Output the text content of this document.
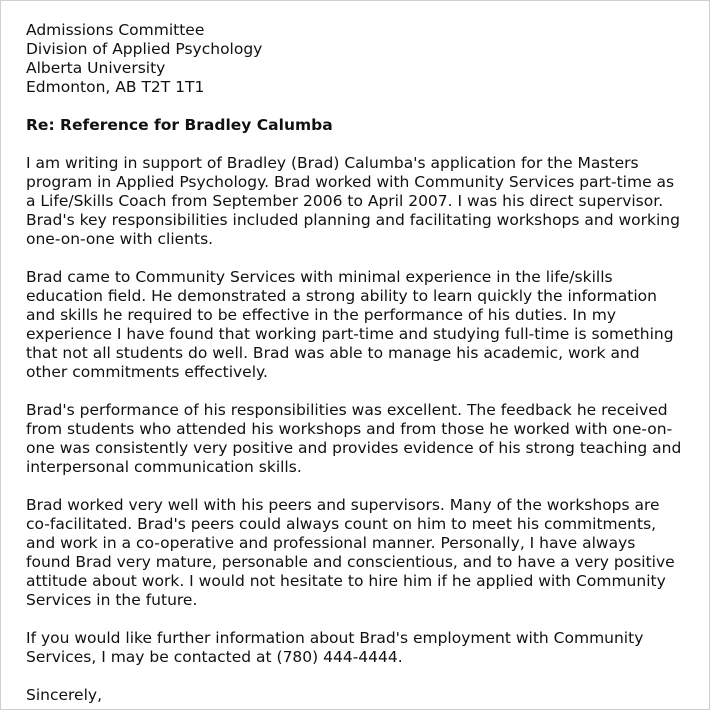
Admissions Committee
Division of Applied Psychology
Alberta University
Edmonton, AB T2T 1T1
Re: Reference for Bradley Calumba
I am writing in support of Bradley (Brad) Calumba's application for the Masters
program in Applied Psychology. Brad worked with Community Services part-time as
a Life/Skills Coach from September 2006 to April 2007. I was his direct supervisor.
Brad's key responsibilities included planning and facilitating workshops and working
one-on-one with clients.
Brad came to Community Services with minimal experience in the life/skills
education field. He demonstrated a strong ability to learn quickly the information
and skills he required to be effective in the performance of his duties. In my
experience I have found that working part-time and studying full-time is something
that not all students do well. Brad was able to manage his academic, work and
other commitments effectively.
Brad's performance of his responsibilities was excellent. The feedback he received
from students who attended his workshops and from those he worked with one-on-
one was consistently very positive and provides evidence of his strong teaching and
interpersonal communication skills.
Brad worked very well with his peers and supervisors. Many of the workshops are
co-facilitated. Brad's peers could always count on him to meet his commitments,
and work in a co-operative and professional manner. Personally, I have always
found Brad very mature, personable and conscientious, and to have a very positive
attitude about work. I would not hesitate to hire him if he applied with Community
Services in the future.
If you would like further information about Brad's employment with Community
Services, I may be contacted at (780) 444-4444.
Sincerely,
